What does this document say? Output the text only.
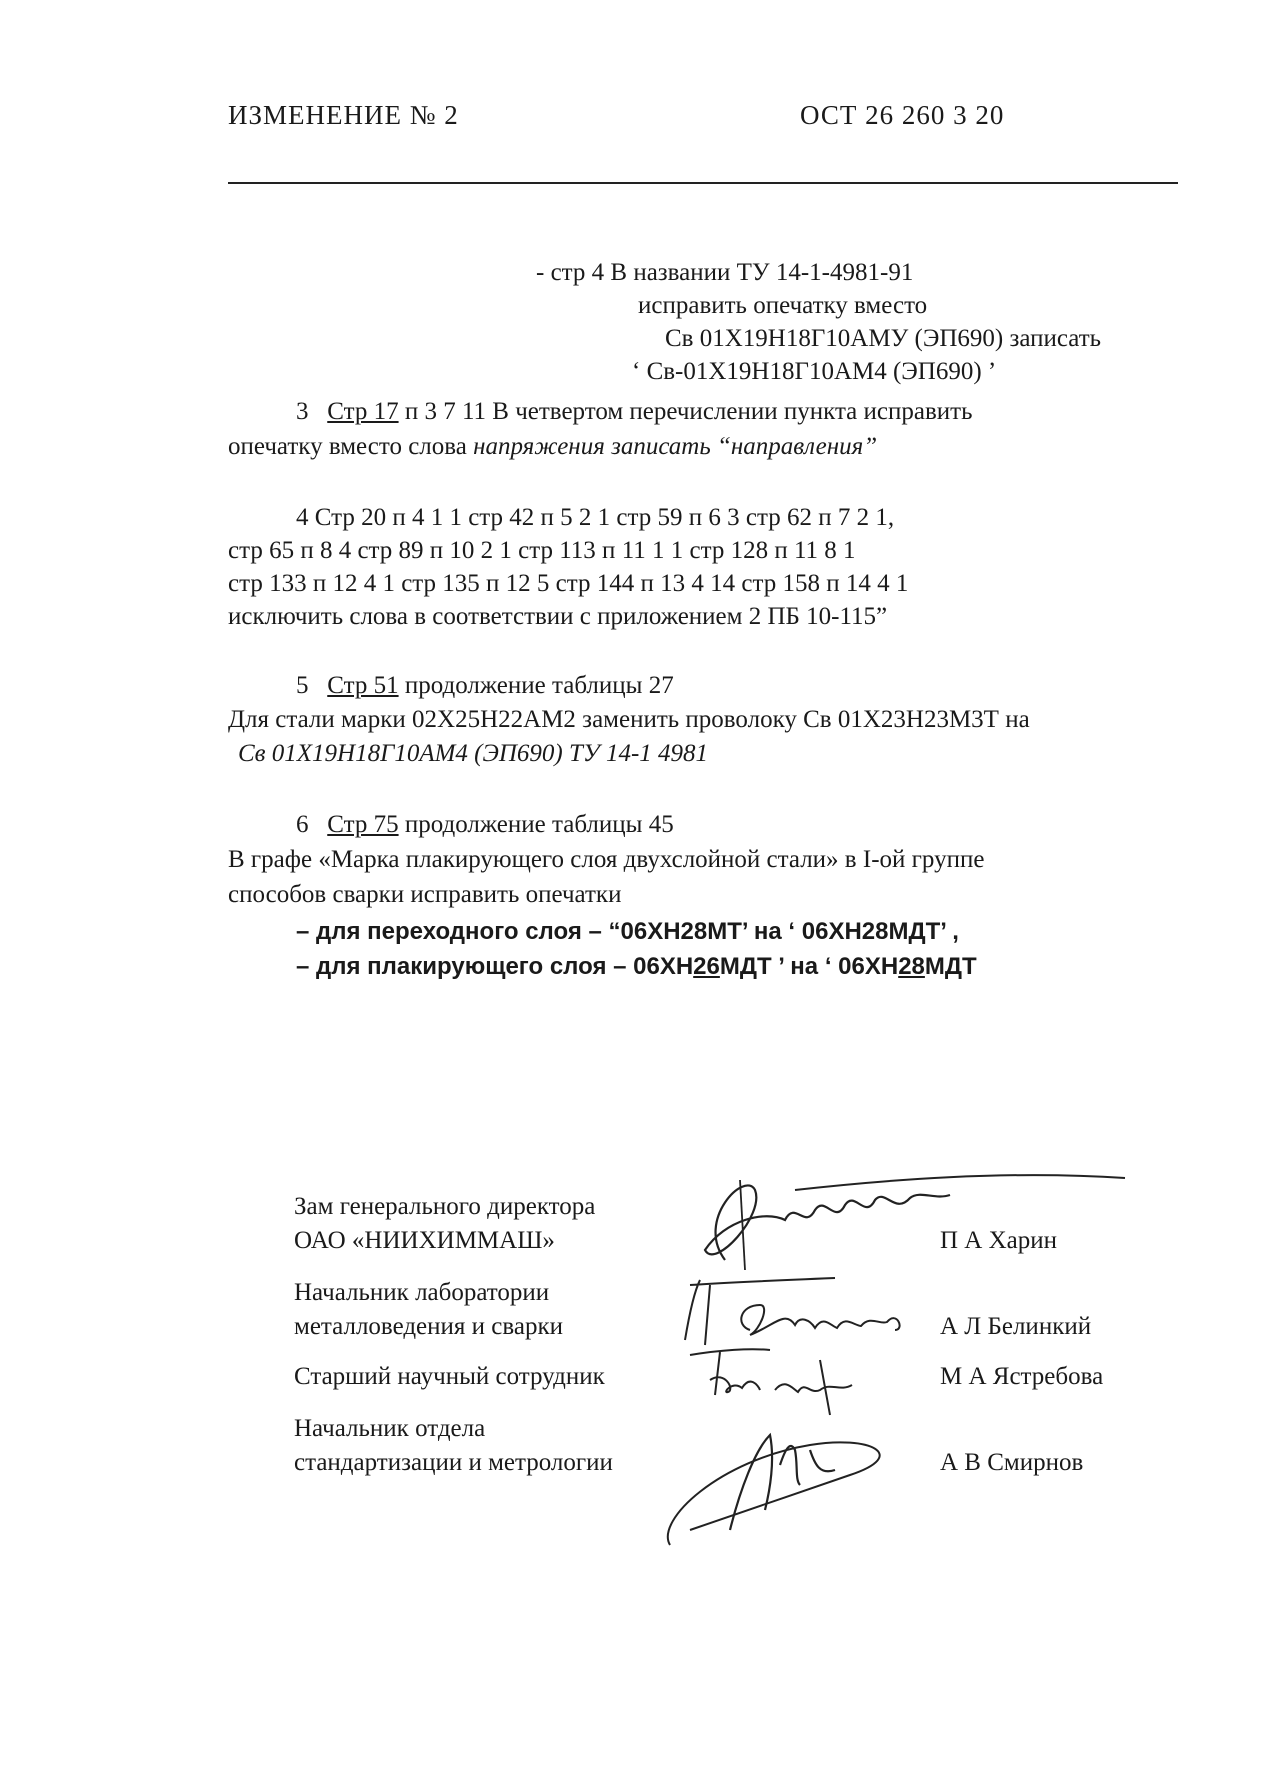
ИЗМЕНЕНИЕ № 2	ОСТ 26 260 3 20
- стр 4 В названии ТУ 14-1-4981-91
исправить опечатку вместо
Св 01Х19Н18Г10АМУ (ЭП690) записать
‘ Св-01Х19Н18Г10АМ4 (ЭП690) ’
3 Стр 17 п 3 7 11 В четвертом перечислении пункта исправить
опечатку вместо слова напряжения записать “направления”
4 Стр 20 п 4 1 1 стр 42 п 5 2 1 стр 59 п 6 3 стр 62 п 7 2 1,
стр 65 п 8 4 стр 89 п 10 2 1 стр 113 п 11 1 1 стр 128 п 11 8 1
стр 133 п 12 4 1 стр 135 п 12 5 стр 144 п 13 4 14 стр 158 п 14 4 1
исключить слова в соответствии с приложением 2 ПБ 10-115”
5 Стр 51 продолжение таблицы 27
Для стали марки 02Х25Н22АМ2 заменить проволоку Св 01Х23Н23М3Т на
Св 01Х19Н18Г10АМ4 (ЭП690) ТУ 14-1 4981
6 Стр 75 продолжение таблицы 45
В графе «Марка плакирующего слоя двухслойной стали» в I-ой группе
способов сварки исправить опечатки
– для переходного слоя – “06ХН28МТ’ на ‘ 06ХН28МДТ’ ,
– для плакирующего слоя – 06ХН26МДТ ’ на ‘ 06ХН28МДТ
Зам генерального директора
ОАО «НИИХИММАШ»	П А Харин
Начальник лаборатории
металловедения и сварки	А Л Белинкий
Старший научный сотрудник	М А Ястребова
Начальник отдела
стандартизации и метрологии	А В Смирнов
